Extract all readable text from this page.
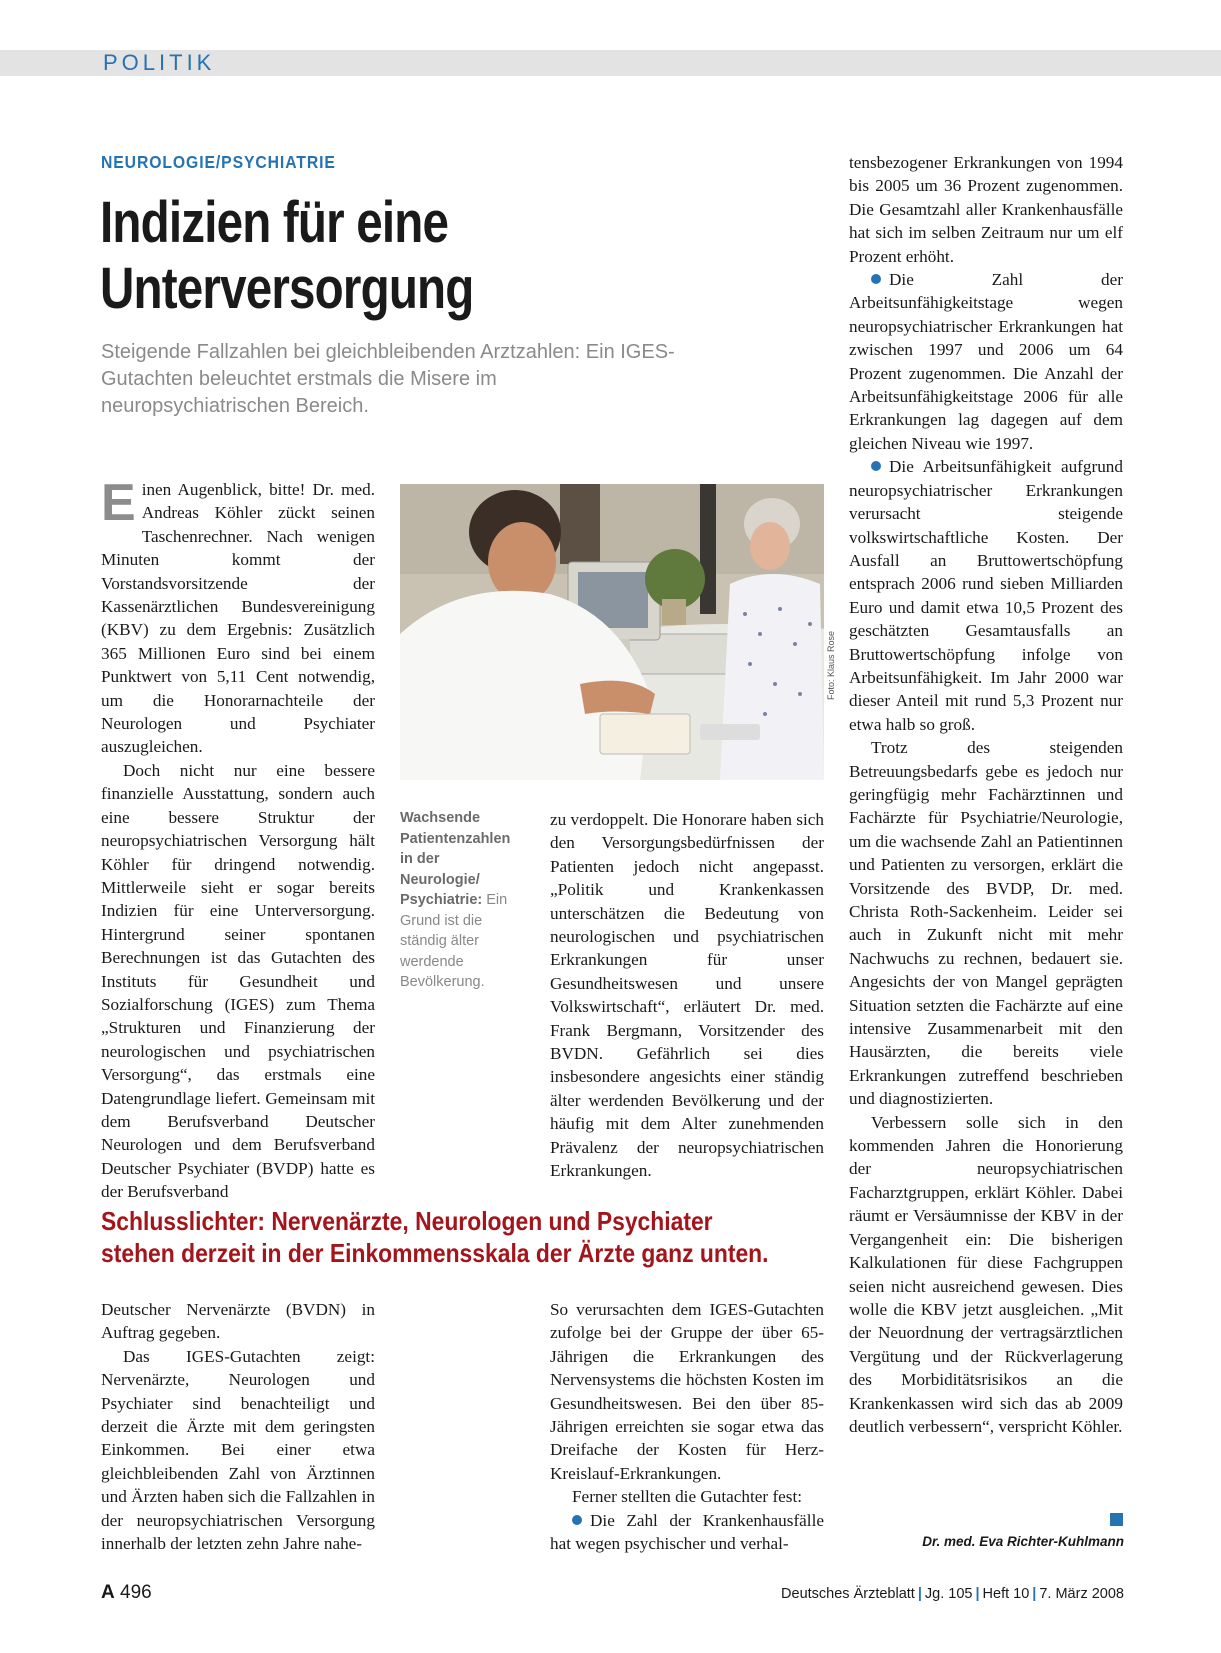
POLITIK
NEUROLOGIE/PSYCHIATRIE
Indizien für eine
Unterversorgung
Steigende Fallzahlen bei gleichbleibenden Arztzahlen: Ein IGES-Gutachten beleuchtet erstmals die Misere im neuropsychiatrischen Bereich.
E inen Augenblick, bitte! Dr. med. Andreas Köhler zückt seinen Taschenrechner. Nach wenigen Minuten kommt der Vorstandsvorsitzende der Kassenärztlichen Bundesvereinigung (KBV) zu dem Ergebnis: Zusätzlich 365 Millionen Euro sind bei einem Punktwert von 5,11 Cent notwendig, um die Honorarnachteile der Neurologen und Psychiater auszugleichen.

Doch nicht nur eine bessere finanzielle Ausstattung, sondern auch eine bessere Struktur der neuropsychiatrischen Versorgung hält Köhler für dringend notwendig. Mittlerweile sieht er sogar bereits Indizien für eine Unterversorgung. Hintergrund seiner spontanen Berechnungen ist das Gutachten des Instituts für Gesundheit und Sozialforschung (IGES) zum Thema „Strukturen und Finanzierung der neurologischen und psychiatrischen Versorgung“, das erstmals eine Datengrundlage liefert. Gemeinsam mit dem Berufsverband Deutscher Neurologen und dem Berufsverband Deutscher Psychiater (BVDP) hatte es der Berufsverband

Foto: Klaus Rose
Wachsende Patientenzahlen in der Neurologie/ Psychiatrie: Ein Grund ist die ständig älter werdende Bevölkerung.

zu verdoppelt. Die Honorare haben sich den Versorgungsbedürfnissen der Patienten jedoch nicht angepasst. „Politik und Krankenkassen unterschätzen die Bedeutung von neurologischen und psychiatrischen Erkrankungen für unser Gesundheitswesen und unsere Volkswirtschaft“, erläutert Dr. med. Frank Bergmann, Vorsitzender des BVDN. Gefährlich sei dies insbesondere angesichts einer ständig älter werdenden Bevölkerung und der häufig mit dem Alter zunehmenden Prävalenz der neuropsychiatrischen Erkrankungen.

tensbezogener Erkrankungen von 1994 bis 2005 um 36 Prozent zugenommen. Die Gesamtzahl aller Krankenhausfälle hat sich im selben Zeitraum nur um elf Prozent erhöht.

Die Zahl der Arbeitsunfähigkeitstage wegen neuropsychiatrischer Erkrankungen hat zwischen 1997 und 2006 um 64 Prozent zugenommen. Die Anzahl der Arbeitsunfähigkeitstage 2006 für alle Erkrankungen lag dagegen auf dem gleichen Niveau wie 1997.

Die Arbeitsunfähigkeit aufgrund neuropsychiatrischer Erkrankungen verursacht steigende volkswirtschaftliche Kosten. Der Ausfall an Bruttowertschöpfung entsprach 2006 rund sieben Milliarden Euro und damit etwa 10,5 Prozent des geschätzten Gesamtausfalls an Bruttowertschöpfung infolge von Arbeitsunfähigkeit. Im Jahr 2000 war dieser Anteil mit rund 5,3 Prozent nur etwa halb so groß.

Trotz des steigenden Betreuungsbedarfs gebe es jedoch nur geringfügig mehr Fachärztinnen und Fachärzte für Psychiatrie/Neurologie, um die wachsende Zahl an Patientinnen und Patienten zu versorgen, erklärt die Vorsitzende des BVDP, Dr. med. Christa Roth-Sackenheim. Leider sei auch in Zukunft nicht mit mehr Nachwuchs zu rechnen, bedauert sie. Angesichts der von Mangel geprägten Situation setzten die Fachärzte auf eine intensive Zusammenarbeit mit den Hausärzten, die bereits viele Erkrankungen zutreffend beschrieben und diagnostizierten.

Verbessern solle sich in den kommenden Jahren die Honorierung der neuropsychiatrischen Facharztgruppen, erklärt Köhler. Dabei räumt er Versäumnisse der KBV in der Vergangenheit ein: Die bisherigen Kalkulationen für diese Fachgruppen seien nicht ausreichend gewesen. Dies wolle die KBV jetzt ausgleichen. „Mit der Neuordnung der vertragsärztlichen Vergütung und der Rückverlagerung des Morbiditätsrisikos an die Krankenkassen wird sich das ab 2009 deutlich verbessern“, verspricht Köhler.

Schlusslichter: Nervenärzte, Neurologen und Psychiater
stehen derzeit in der Einkommensskala der Ärzte ganz unten.

Deutscher Nervenärzte (BVDN) in Auftrag gegeben.

Das IGES-Gutachten zeigt: Nervenärzte, Neurologen und Psychiater sind benachteiligt und derzeit die Ärzte mit dem geringsten Einkommen. Bei einer etwa gleichbleibenden Zahl von Ärztinnen und Ärzten haben sich die Fallzahlen in der neuropsychiatrischen Versorgung innerhalb der letzten zehn Jahre nahe-

So verursachten dem IGES-Gutachten zufolge bei der Gruppe der über 65-Jährigen die Erkrankungen des Nervensystems die höchsten Kosten im Gesundheitswesen. Bei den über 85-Jährigen erreichten sie sogar etwa das Dreifache der Kosten für Herz-Kreislauf-Erkrankungen.

Ferner stellten die Gutachter fest:

Die Zahl der Krankenhausfälle hat wegen psychischer und verhal-	Dr. med. Eva Richter-Kuhlmann
A 496	Deutsches Ärzteblatt | Jg. 105 | Heft 10 | 7. März 2008
